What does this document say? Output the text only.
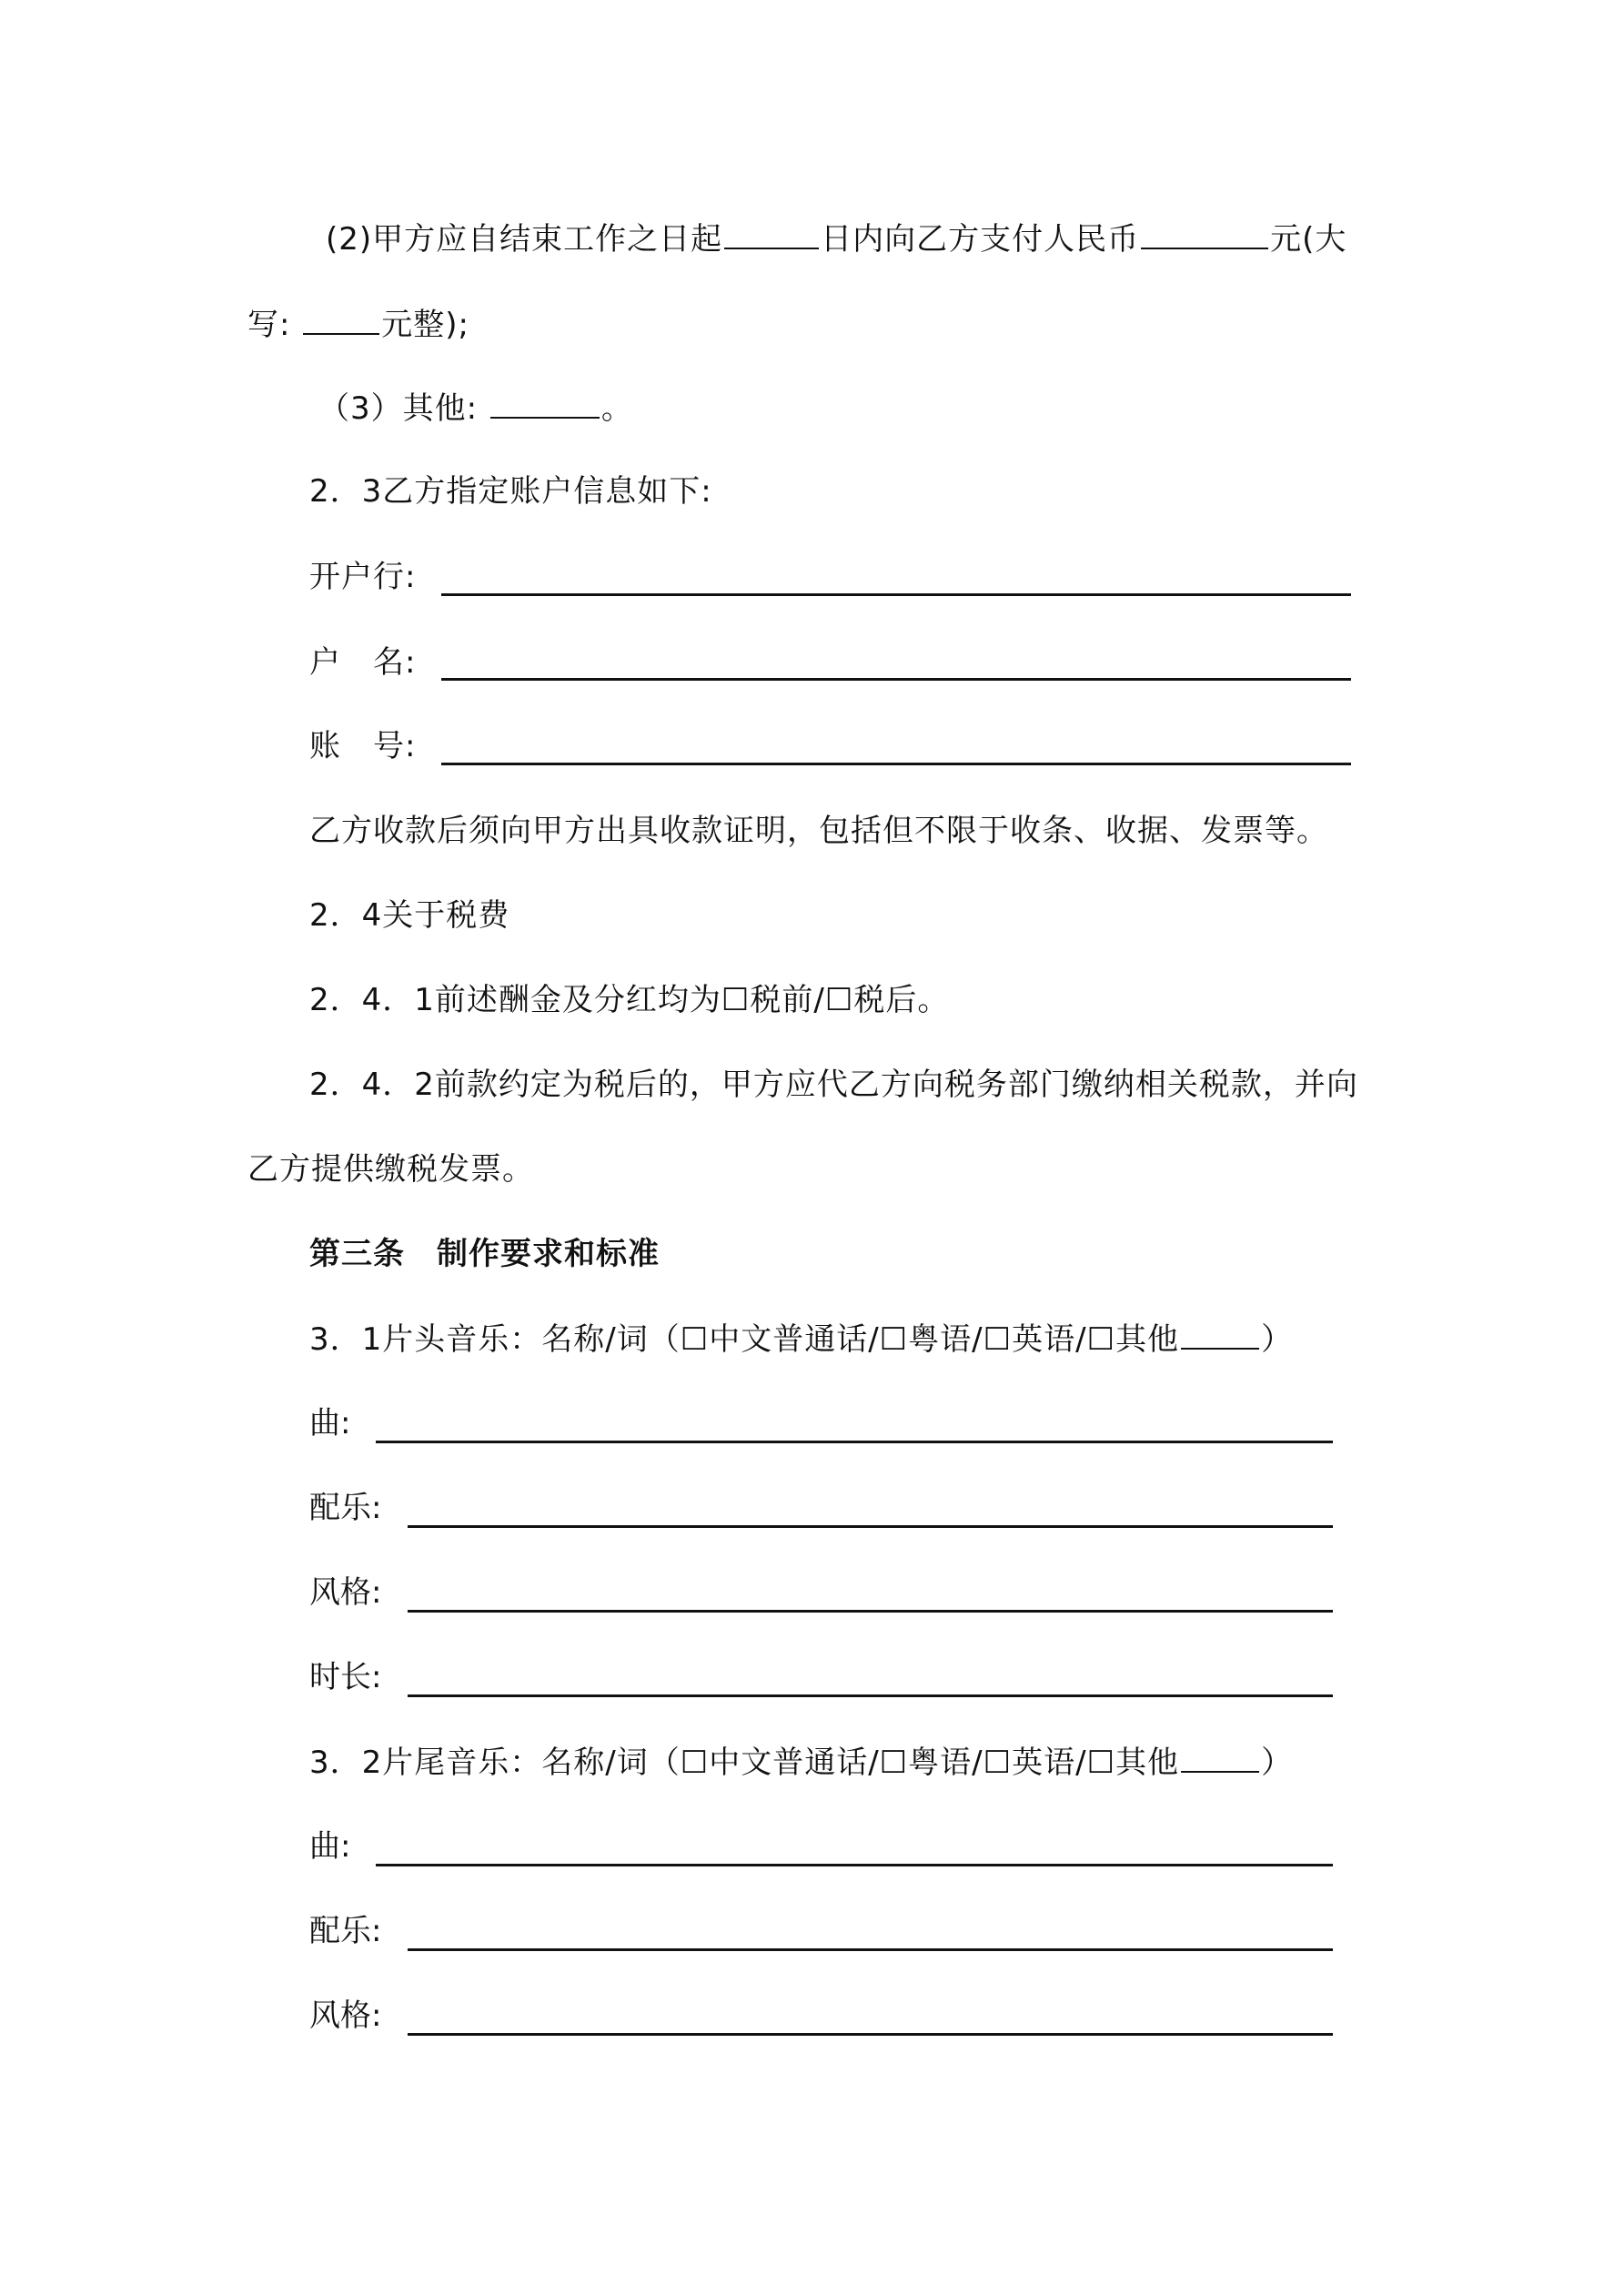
(2)甲方应自结束工作之日起	日内向乙方支付人民币	元(大
写:	元整);
（3）其他:	。
2．3乙方指定账户信息如下:
开户行:
户　名:
账　号:
乙方收款后须向甲方出具收款证明，包括但不限于收条、收据、发票等。
2．4关于税费
2．4．1前述酬金及分红均为☐税前/☐税后。
2．4．2前款约定为税后的，甲方应代乙方向税务部门缴纳相关税款，并向
乙方提供缴税发票。
第三条　制作要求和标准
3．1片头音乐：名称/词（☐中文普通话/☐粤语/☐英语/☐其他	）
曲:
配乐:
风格:
时长:
3．2片尾音乐：名称/词（☐中文普通话/☐粤语/☐英语/☐其他	）
曲:
配乐:
风格:
